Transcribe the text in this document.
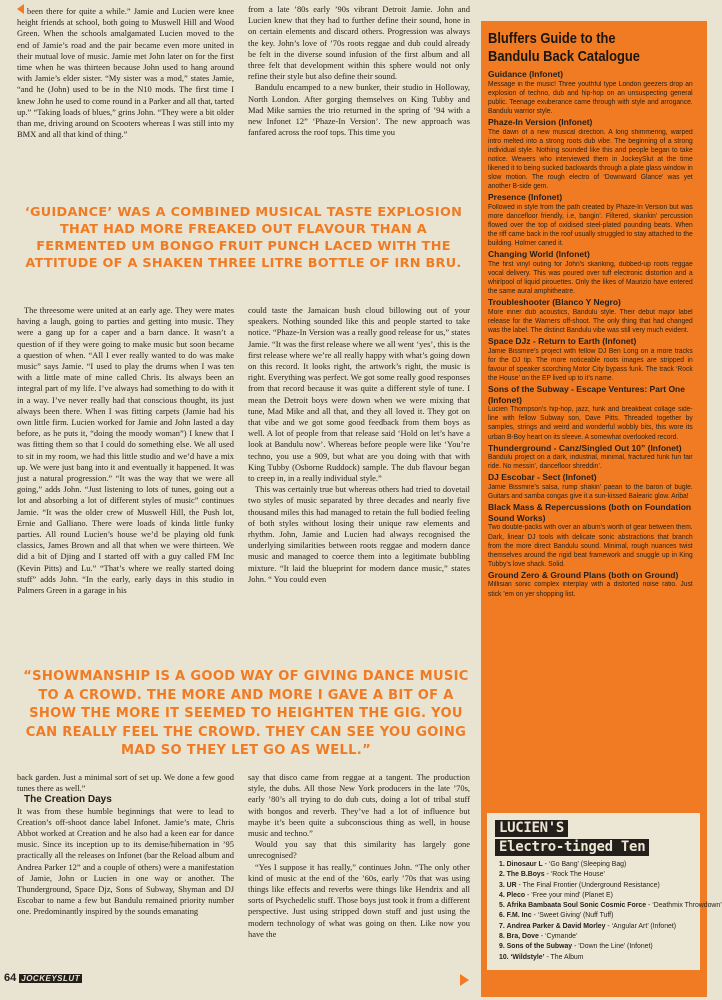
been there for quite a while.” Jamie and Lucien were knee height friends at school, both going to Muswell Hill and Wood Green. When the schools amalgamated Lucien moved to the end of Jamie’s road and the pair became even more united in their mutual love of music. Jamie met John later on for the first time when he was thirteen because John used to hang around with Jamie’s elder sister. “My sister was a mod,” states Jamie, “and he (John) used to be in the N10 mods. The first time I knew John he used to come round in a Parker and all that, tarted up.” “Taking loads of blues,” grins John. “They were a bit older than me, driving around on Scooters whereas I was still into my BMX and all that kind of thing.”

from a late ’80s early ’90s vibrant Detroit Jamie. John and Lucien knew that they had to further define their sound, hone in on certain elements and discard others. Progression was always the key. John’s love of ’70s roots reggae and dub could already be felt in the diverse sound infusion of the first album and all three felt that development within this sphere would not only refine their style but also define their sound.

Bandulu encamped to a new bunker, their studio in Holloway, North London. After gorging themselves on King Tubby and Mad Mike sarnies the trio returned in the spring of ’94 with a new Infonet 12” ‘Phaze-In Version’. The new approach was fanfared across the roof tops. This time you

‘GUIDANCE’ WAS A COMBINED MUSICAL TASTE EXPLOSION THAT HAD MORE FREAKED OUT FLAVOUR THAN A FERMENTED UM BONGO FRUIT PUNCH LACED WITH THE ATTITUDE OF A SHAKEN THREE LITRE BOTTLE OF IRN BRU.

The threesome were united at an early age. They were mates having a laugh, going to parties and getting into music. They were a gang up for a caper and a barn dance. It wasn’t a question of if they were going to make music but soon became a question of when. “All I ever really wanted to do was make music” says Jamie. “I used to play the drums when I was ten with a little mate of mine called Chris. Its always been an integral part of my life. I’ve always had something to do with it in a way. I’ve never really had that conscious thought, its just always been there. When I was fitting carpets (Jamie had his own little firm. Lucien worked for Jamie and John lasted a day before, as he puts it, “doing the moody woman”) I knew that I was fitting them so that I could do something else. We all used to sit in my room, we had this little studio and we’d have a mix up. We were just bang into it and eventually it happened. It was just a natural progression.” “It was the way that we were all going,” adds John. “Just listening to lots of tunes, going out a lot and absorbing a lot of different styles of music” continues Jamie. “It was the older crew of Muswell Hill, the Push lot, Ernie and Galliano. There were loads of kinda little funky parties. All round Lucien’s house we’d be playing old funk classics, James Brown and all that when we were thirteen. We did a bit of Djing and I started off with a guy called FM Inc (Kevin Pitts) and Lu.” “That’s where we really started doing stuff” adds John. “In the early, early days in this studio in Palmers Green in a garage in his

could taste the Jamaican bush cloud billowing out of your speakers. Nothing sounded like this and people started to take notice. “Phaze-In Version was a really good release for us,” states Jamie. “It was the first release where we all went ‘yes’, this is the first release where we’re all really happy with what’s going down on this record. It looks right, the artwork’s right, the music is right. Everything was perfect. We got some really good responses from that record because it was quite a different style of tune. I mean the Detroit boys were down when we were mixing that tune, Mad Mike and all that, and they all loved it. They got on that vibe and we got some good feedback from them boys as well. A lot of people from that release said ‘Hold on let’s have a look at Bandulu now’. Whereas before people were like ‘You’re techno, you use a 909, but what are you doing with that with King Tubby (Osborne Ruddock) sample. The dub flavour began to creep in, in a really individual style.”

This was certainly true but whereas others had tried to dovetail two styles of music separated by three decades and nearly five thousand miles this had managed to retain the full bodied feeling of both styles without losing their unique raw elements and rhythm. John, Jamie and Lucien had always recognised the underlying similarities between roots reggae and modern dance music and managed to coerce them into a legitimate bubbling mixture. “It laid the blueprint for modern dance music,” states John. “ You could even

“SHOWMANSHIP IS A GOOD WAY OF GIVING DANCE MUSIC TO A CROWD. THE MORE AND MORE I GAVE A BIT OF A SHOW THE MORE IT SEEMED TO HEIGHTEN THE GIG. YOU CAN REALLY FEEL THE CROWD. THEY CAN SEE YOU GOING MAD SO THEY LET GO AS WELL.”

back garden. Just a minimal sort of set up. We done a few good tunes there as well.”

The Creation Days

It was from these humble beginnings that were to lead to Creation’s off-shoot dance label Infonet. Jamie’s mate, Chris Abbot worked at Creation and he also had a keen ear for dance music. Since its inception up to its demise/hibernation in ’95 practically all the releases on Infonet (bar the Reload album and Andrea Parker 12” and a couple of others) were a manifestation of Jamie, John or Lucien in one way or another. The Thunderground, Space Djz, Sons of Subway, Shyman and DJ Escobar to name a few but Bandulu remained priority number one. Predominantly inspired by the sounds emanating

say that disco came from reggae at a tangent. The production style, the dubs. All those New York producers in the late ’70s, early ’80’s all trying to do dub cuts, doing a lot of tribal stuff with bongos and reverb. They’ve had a lot of influence but maybe it’s been quite a subconscious thing as well, in house music and techno.”

Would you say that this similarity has largely gone unrecognised?

“Yes I suppose it has really,” continues John. “The only other kind of music at the end of the ’60s, early ’70s that was using things like effects and reverbs were things like Hendrix and all sorts of Psychedelic stuff. Those boys just took it from a different perspective. Just using stripped down stuff and just using the modern technology of what was going on then. Like now you have the

Bluffers Guide to the
Bandulu Back Catalogue
Guidance (Infonet)
Message in the music! Three youthful type London geezers drop an explosion of techno, dub and hip-hop on an unsuspecting general public. Teenage exuberance came through with style and arrogance. Bandulu warrior style.
Phaze-In Version (Infonet)
The dawn of a new musical direction. A long shimmering, warped intro melted into a strong roots dub vibe. The beginning of a strong individual style. Nothing sounded like this and people began to take notice. Wewers who interviewed them in JockeySlut at the time likened it to being sucked backwards through a plate glass window in slow motion. The rough electro of ‘Downward Glance’ was yet another B-side gem.
Presence (Infonet)
Followed in style from the path created by Phaze-In Version but was more dancefloor friendly, i.e, bangin’. Filtered, skankin’ percussion flowed over the top of oxidised steel-plated pounding beats. When the riff came back in the roof usually struggled to stay attached to the building. Holmer caned it.
Changing World (Infonet)
The first vinyl outing for John’s skanking, dubbed-up roots reggae vocal delivery. This was poured over tuff electronic distortion and a whirlpool of liquid pirouettes. Only the likes of Maurizio have entered the same aural amphitheatre.
Troubleshooter (Blanco Y Negro)
More inner dub acoustics, Bandulu style. Their debut major label release for the Warners off-shoot. The only thing that had changed was the label. The distinct Bandulu vibe was still very much evident.
Space DJz - Return to Earth (Infonet)
Jamie Bissmire’s project with fellow DJ Ben Long on a more tracks for the DJ tip. The more noticeable roots images are stripped in favour of speaker scorching Motor City bypass funk. The track ‘Rock the House’ on the EP lived up to it’s name.
Sons of the Subway - Escape Ventures: Part One (Infonet)
Lucien Thompson’s hip-hop, jazz, funk and breakbeat collage side-line with fellow Subway son, Dave Pitts. Threaded together by samples, strings and weird and wonderful wobbly bits, this wore its urban B-Boy heart on its sleeve. A somewhat overlooked record.
Thunderground - Canz/Singled Out 10” (Infonet)
Bandulu project on a dark, industrial, minimal, fractured funk fun fair ride. No messin’, dancefloor shreddin’.
DJ Escobar - Sect (Infonet)
Jamie Bissmire’s salsa, rump shakin’ paean to the baron of bugle. Guitars and samba congas give it a sun-kissed Balearic glow. Ariba!
Black Mass & Repercussions (both on Foundation Sound Works)
Two double-packs with over an album’s worth of gear between them. Dark, linear DJ tools with delicate sonic abstractions that branch from the more direct Bandulu sound. Minimal, rough nuances twist themselves around the rigid beat framework and snuggle up in King Tubby’s love shack. Solid.
Ground Zero & Ground Plans (both on Ground)
Millisian sonic complex interplay with a distorted noise ratio. Just stick ’em on yer shopping list.
LUCIEN'S
Electro-tinged Ten
1. Dinosaur L - ‘Go Bang’ (Sleeping Bag)
2. The B.Boys - ‘Rock The House’
3. UR - The Final Frontier (Underground Resistance)
4. Pleco - ‘Free your mind’ (Planet E)
5. Afrika Bambaata Soul Sonic Cosmic Force - ‘Deathmix Throwdown’
6. F.M. Inc - ‘Sweet Giving’ (Nuff Tuff)
7. Andrea Parker & David Morley - ‘Angular Art’ (Infonet)
8. Bra, Dove - ‘Cymande’
9. Sons of the Subway - ‘Down the Line’ (Infonet)
10. ‘Wildstyle’ - The Album
64 JOCKEYSLUT
